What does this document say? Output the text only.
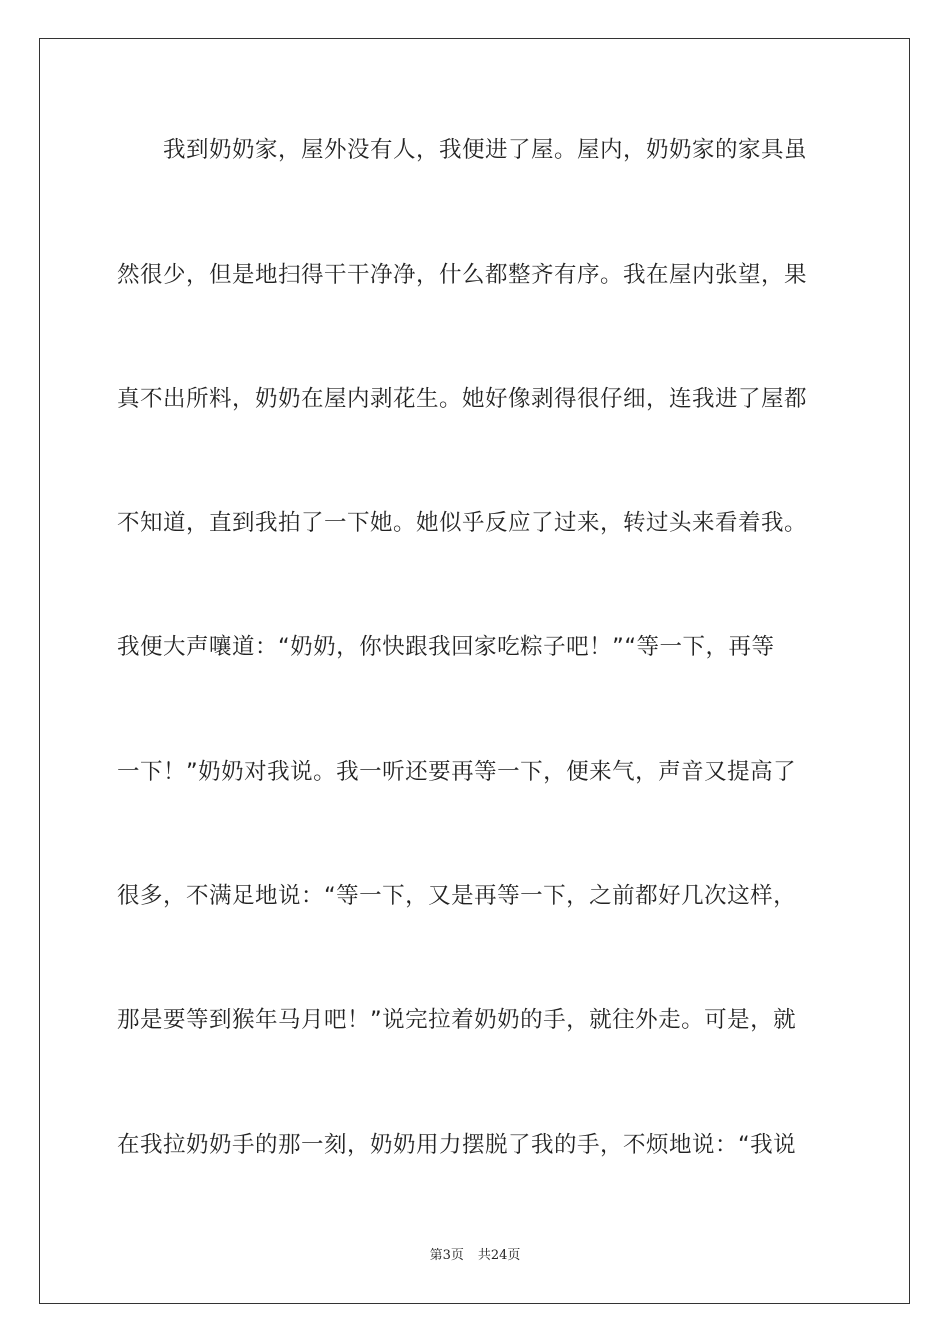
我到奶奶家，屋外没有人，我便进了屋。屋内，奶奶家的家具虽
然很少，但是地扫得干干净净，什么都整齐有序。我在屋内张望，果
真不出所料，奶奶在屋内剥花生。她好像剥得很仔细，连我进了屋都
不知道，直到我拍了一下她。她似乎反应了过来，转过头来看着我。
我便大声嚷道：“奶奶，你快跟我回家吃粽子吧！”“等一下，再等
一下！”奶奶对我说。我一听还要再等一下，便来气，声音又提高了
很多，不满足地说：“等一下，又是再等一下，之前都好几次这样，
那是要等到猴年马月吧！”说完拉着奶奶的手，就往外走。可是，就
在我拉奶奶手的那一刻，奶奶用力摆脱了我的手，不烦地说：“我说
第3页 共24页
